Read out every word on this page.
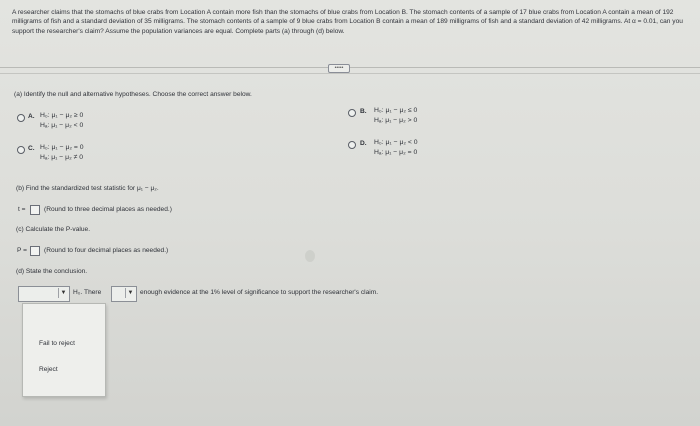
A researcher claims that the stomachs of blue crabs from Location A contain more fish than the stomachs of blue crabs from Location B. The stomach contents of a sample of 17 blue crabs from Location A contain a mean of 192 milligrams of fish and a standard deviation of 35 milligrams. The stomach contents of a sample of 9 blue crabs from Location B contain a mean of 189 milligrams of fish and a standard deviation of 42 milligrams. At α = 0.01, can you support the researcher's claim? Assume the population variances are equal. Complete parts (a) through (d) below.
•••••
(a) Identify the null and alternative hypotheses. Choose the correct answer below.
A. H₀: μ₁ − μ₂ ≥ 0
Hₐ: μ₁ − μ₂ < 0
C. H₀: μ₁ − μ₂ = 0
Hₐ: μ₁ − μ₂ ≠ 0
B. H₀: μ₁ − μ₂ ≤ 0
Hₐ: μ₁ − μ₂ > 0
D. H₀: μ₁ − μ₂ < 0
Hₐ: μ₁ − μ₂ = 0
(b) Find the standardized test statistic for μ₁ − μ₂.
t =	(Round to three decimal places as needed.)
(c) Calculate the P-value.
P =	(Round to four decimal places as needed.)
(d) State the conclusion.
▼ H₀. There	▼ enough evidence at the 1% level of significance to support the researcher's claim.
Fail to reject
Reject
